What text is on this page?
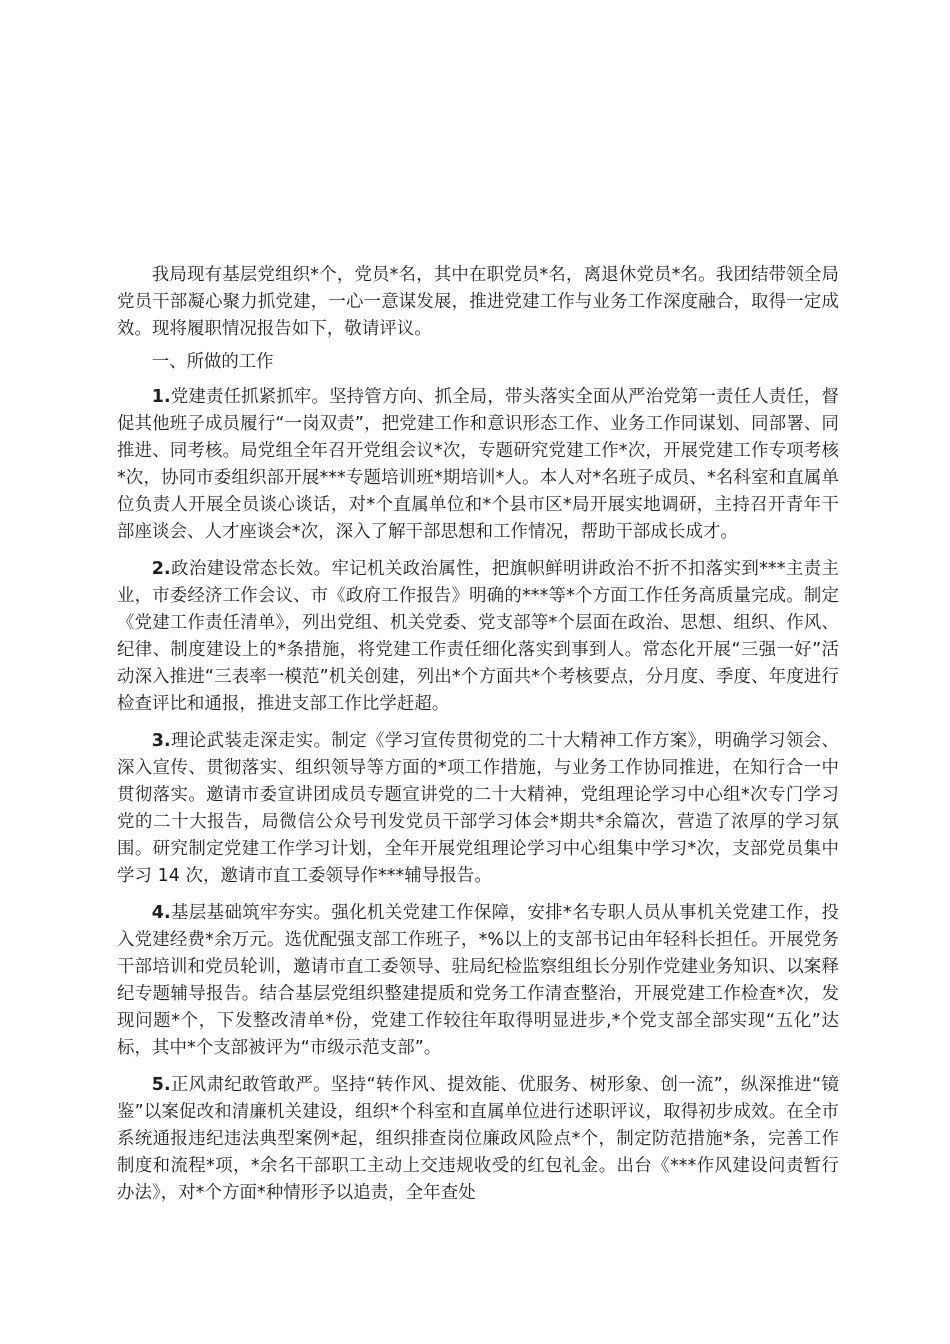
我局现有基层党组织*个，党员*名，其中在职党员*名，离退休党员*名。我团结带领全局党员干部凝心聚力抓党建，一心一意谋发展，推进党建工作与业务工作深度融合，取得一定成效。现将履职情况报告如下，敬请评议。

一、所做的工作

1.党建责任抓紧抓牢。坚持管方向、抓全局，带头落实全面从严治党第一责任人责任，督促其他班子成员履行“一岗双责”，把党建工作和意识形态工作、业务工作同谋划、同部署、同推进、同考核。局党组全年召开党组会议*次，专题研究党建工作*次，开展党建工作专项考核*次，协同市委组织部开展***专题培训班*期培训*人。本人对*名班子成员、*名科室和直属单位负责人开展全员谈心谈话，对*个直属单位和*个县市区*局开展实地调研，主持召开青年干部座谈会、人才座谈会*次，深入了解干部思想和工作情况，帮助干部成长成才。

2.政治建设常态长效。牢记机关政治属性，把旗帜鲜明讲政治不折不扣落实到***主责主业，市委经济工作会议、市《政府工作报告》明确的***等*个方面工作任务高质量完成。制定《党建工作责任清单》，列出党组、机关党委、党支部等*个层面在政治、思想、组织、作风、纪律、制度建设上的*条措施，将党建工作责任细化落实到事到人。常态化开展“三强一好”活动深入推进“三表率一模范”机关创建，列出*个方面共*个考核要点，分月度、季度、年度进行检查评比和通报，推进支部工作比学赶超。

3.理论武装走深走实。制定《学习宣传贯彻党的二十大精神工作方案》，明确学习领会、深入宣传、贯彻落实、组织领导等方面的*项工作措施，与业务工作协同推进，在知行合一中贯彻落实。邀请市委宣讲团成员专题宣讲党的二十大精神，党组理论学习中心组*次专门学习党的二十大报告，局微信公众号刊发党员干部学习体会*期共*余篇次，营造了浓厚的学习氛围。研究制定党建工作学习计划，全年开展党组理论学习中心组集中学习*次，支部党员集中学习 14 次，邀请市直工委领导作***辅导报告。

4.基层基础筑牢夯实。强化机关党建工作保障，安排*名专职人员从事机关党建工作，投入党建经费*余万元。选优配强支部工作班子，*%以上的支部书记由年轻科长担任。开展党务干部培训和党员轮训，邀请市直工委领导、驻局纪检监察组组长分别作党建业务知识、以案释纪专题辅导报告。结合基层党组织整建提质和党务工作清查整治，开展党建工作检查*次，发现问题*个，下发整改清单*份，党建工作较往年取得明显进步,*个党支部全部实现“五化”达标，其中*个支部被评为“市级示范支部”。

5.正风肃纪敢管敢严。坚持“转作风、提效能、优服务、树形象、创一流”，纵深推进“镜鉴”以案促改和清廉机关建设，组织*个科室和直属单位进行述职评议，取得初步成效。在全市系统通报违纪违法典型案例*起，组织排查岗位廉政风险点*个，制定防范措施*条，完善工作制度和流程*项，*余名干部职工主动上交违规收受的红包礼金。出台《***作风建设问责暂行办法》，对*个方面*种情形予以追责，全年查处
